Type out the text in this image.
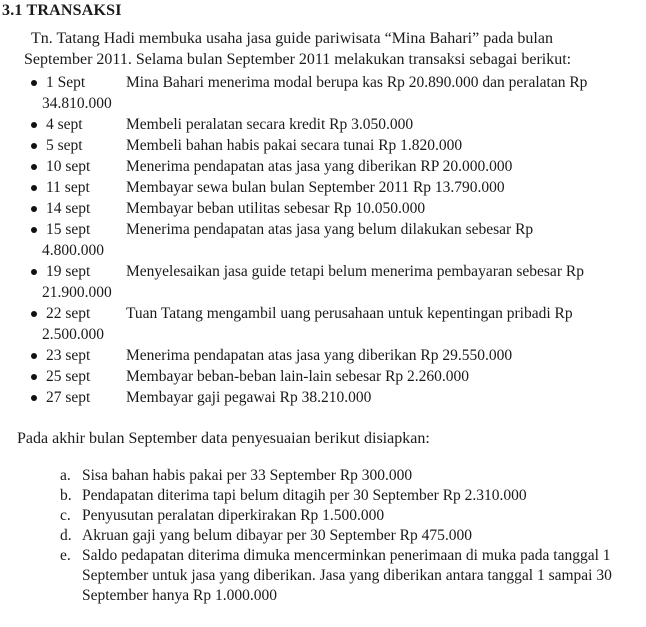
3.1 TRANSAKSI
Tn. Tatang Hadi membuka usaha jasa guide pariwisata “Mina Bahari” pada bulan
September 2011. Selama bulan September 2011 melakukan transaksi sebagai berikut:
1 Sept	Mina Bahari menerima modal berupa kas Rp 20.890.000 dan peralatan Rp
34.810.000
4 sept	Membeli peralatan secara kredit Rp 3.050.000
5 sept	Membeli bahan habis pakai secara tunai Rp 1.820.000
10 sept Menerima pendapatan atas jasa yang diberikan RP 20.000.000
11 sept Membayar sewa bulan bulan September 2011 Rp 13.790.000
14 sept Membayar beban utilitas sebesar Rp 10.050.000
15 sept Menerima pendapatan atas jasa yang belum dilakukan sebesar Rp
4.800.000
19 sept Menyelesaikan jasa guide tetapi belum menerima pembayaran sebesar Rp
21.900.000
22 sept Tuan Tatang mengambil uang perusahaan untuk kepentingan pribadi Rp
2.500.000
23 sept Menerima pendapatan atas jasa yang diberikan Rp 29.550.000
25 sept Membayar beban-beban lain-lain sebesar Rp 2.260.000
27 sept Membayar gaji pegawai Rp 38.210.000
Pada akhir bulan September data penyesuaian berikut disiapkan:
a. Sisa bahan habis pakai per 33 September Rp 300.000
b. Pendapatan diterima tapi belum ditagih per 30 September Rp 2.310.000
c. Penyusutan peralatan diperkirakan Rp 1.500.000
d. Akruan gaji yang belum dibayar per 30 September Rp 475.000
e. Saldo pedapatan diterima dimuka mencerminkan penerimaan di muka pada tanggal 1 September untuk jasa yang diberikan. Jasa yang diberikan antara tanggal 1 sampai 30 September hanya Rp 1.000.000
